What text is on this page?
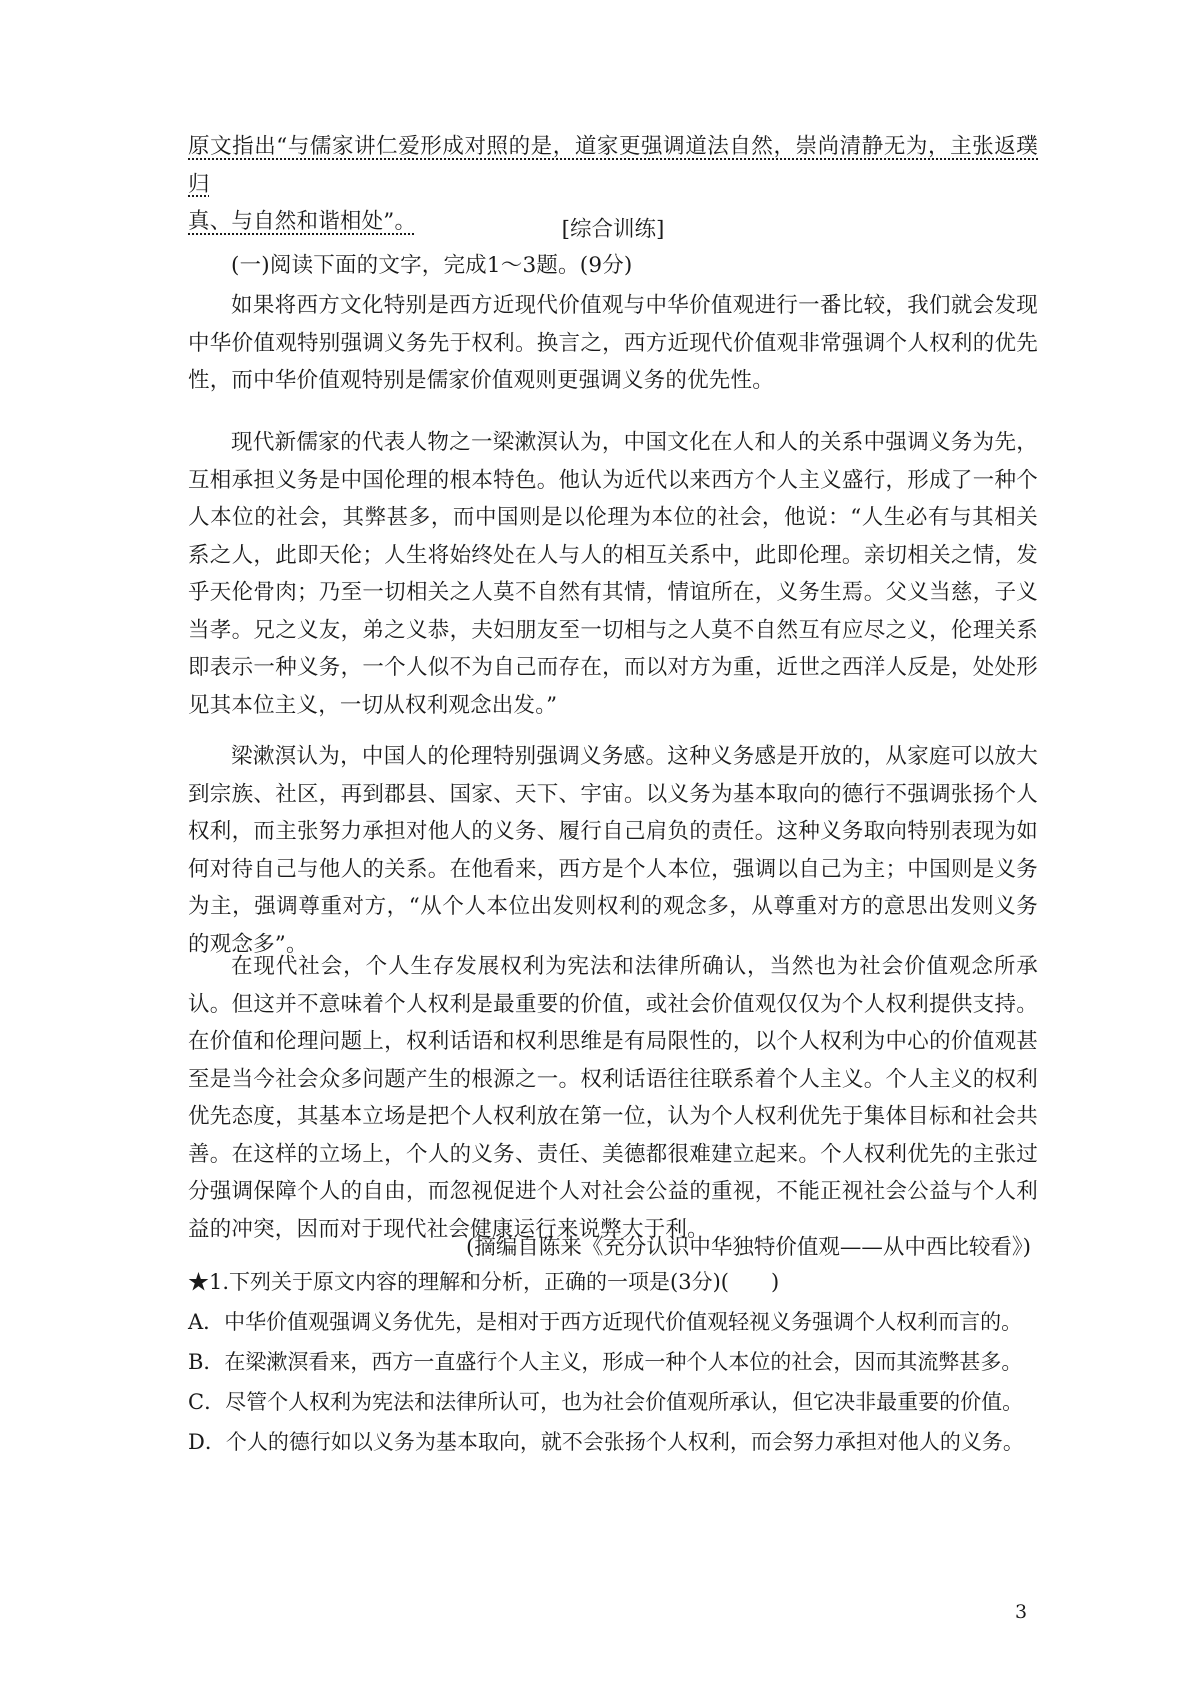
原文指出“与儒家讲仁爱形成对照的是，道家更强调道法自然，崇尚清静无为，主张返璞归
真、与自然和谐相处”。	[综合训练]
(一)阅读下面的文字，完成1～3题。(9分)
如果将西方文化特别是西方近现代价值观与中华价值观进行一番比较，我们就会发现中华价值观特别强调义务先于权利。换言之，西方近现代价值观非常强调个人权利的优先性，而中华价值观特别是儒家价值观则更强调义务的优先性。
现代新儒家的代表人物之一梁漱溟认为，中国文化在人和人的关系中强调义务为先，互相承担义务是中国伦理的根本特色。他认为近代以来西方个人主义盛行，形成了一种个人本位的社会，其弊甚多，而中国则是以伦理为本位的社会，他说：“人生必有与其相关系之人，此即天伦；人生将始终处在人与人的相互关系中，此即伦理。亲切相关之情，发乎天伦骨肉；乃至一切相关之人莫不自然有其情，情谊所在，义务生焉。父义当慈，子义当孝。兄之义友，弟之义恭，夫妇朋友至一切相与之人莫不自然互有应尽之义，伦理关系即表示一种义务，一个人似不为自己而存在，而以对方为重，近世之西洋人反是，处处形见其本位主义，一切从权利观念出发。”
梁漱溟认为，中国人的伦理特别强调义务感。这种义务感是开放的，从家庭可以放大到宗族、社区，再到郡县、国家、天下、宇宙。以义务为基本取向的德行不强调张扬个人权利，而主张努力承担对他人的义务、履行自己肩负的责任。这种义务取向特别表现为如何对待自己与他人的关系。在他看来，西方是个人本位，强调以自己为主；中国则是义务为主，强调尊重对方，“从个人本位出发则权利的观念多，从尊重对方的意思出发则义务的观念多”。
在现代社会，个人生存发展权利为宪法和法律所确认，当然也为社会价值观念所承认。但这并不意味着个人权利是最重要的价值，或社会价值观仅仅为个人权利提供支持。在价值和伦理问题上，权利话语和权利思维是有局限性的，以个人权利为中心的价值观甚至是当今社会众多问题产生的根源之一。权利话语往往联系着个人主义。个人主义的权利优先态度，其基本立场是把个人权利放在第一位，认为个人权利优先于集体目标和社会共善。在这样的立场上，个人的义务、责任、美德都很难建立起来。个人权利优先的主张过分强调保障个人的自由，而忽视促进个人对社会公益的重视，不能正视社会公益与个人利益的冲突，因而对于现代社会健康运行来说弊大于利。
(摘编自陈来《充分认识中华独特价值观——从中西比较看》)
★1.下列关于原文内容的理解和分析，正确的一项是(3分)(　　)
A．中华价值观强调义务优先，是相对于西方近现代价值观轻视义务强调个人权利而言的。
B．在梁漱溟看来，西方一直盛行个人主义，形成一种个人本位的社会，因而其流弊甚多。
C．尽管个人权利为宪法和法律所认可，也为社会价值观所承认，但它决非最重要的价值。
D．个人的德行如以义务为基本取向，就不会张扬个人权利，而会努力承担对他人的义务。
3
